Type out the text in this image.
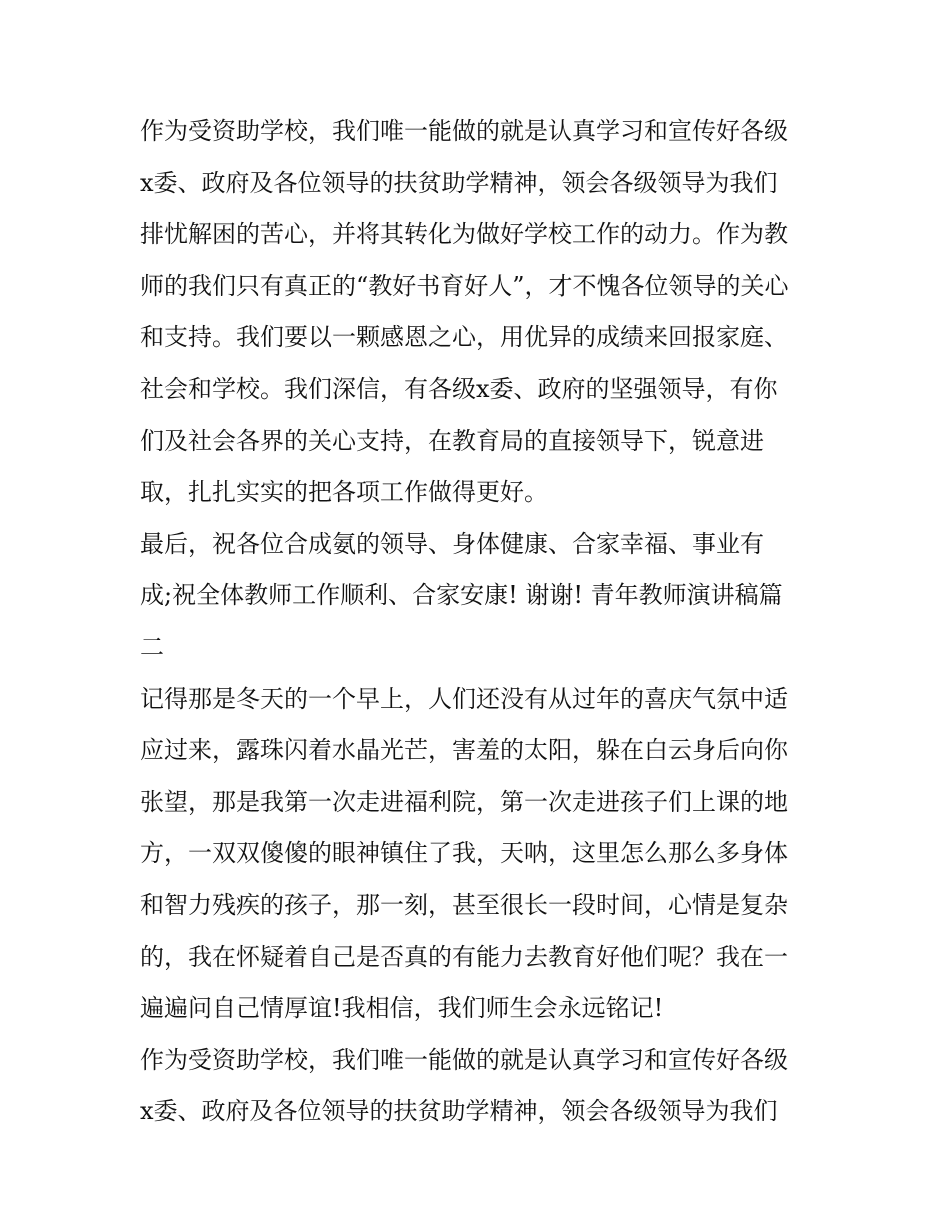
作为受资助学校，我们唯一能做的就是认真学习和宣传好各级
x委、政府及各位领导的扶贫助学精神，领会各级领导为我们
排忧解困的苦心，并将其转化为做好学校工作的动力。作为教
师的我们只有真正的“教好书育好人”，才不愧各位领导的关心
和支持。我们要以一颗感恩之心，用优异的成绩来回报家庭、
社会和学校。我们深信，有各级x委、政府的坚强领导，有你
们及社会各界的关心支持，在教育局的直接领导下，锐意进
取，扎扎实实的把各项工作做得更好。
最后，祝各位合成氨的领导、身体健康、合家幸福、事业有
成;祝全体教师工作顺利、合家安康! 谢谢! 青年教师演讲稿篇
二
记得那是冬天的一个早上，人们还没有从过年的喜庆气氛中适
应过来，露珠闪着水晶光芒，害羞的太阳，躲在白云身后向你
张望，那是我第一次走进福利院，第一次走进孩子们上课的地
方，一双双傻傻的眼神镇住了我，天呐，这里怎么那么多身体
和智力残疾的孩子，那一刻，甚至很长一段时间，心情是复杂
的，我在怀疑着自己是否真的有能力去教育好他们呢？我在一
遍遍问自己情厚谊!我相信，我们师生会永远铭记!
作为受资助学校，我们唯一能做的就是认真学习和宣传好各级
x委、政府及各位领导的扶贫助学精神，领会各级领导为我们
